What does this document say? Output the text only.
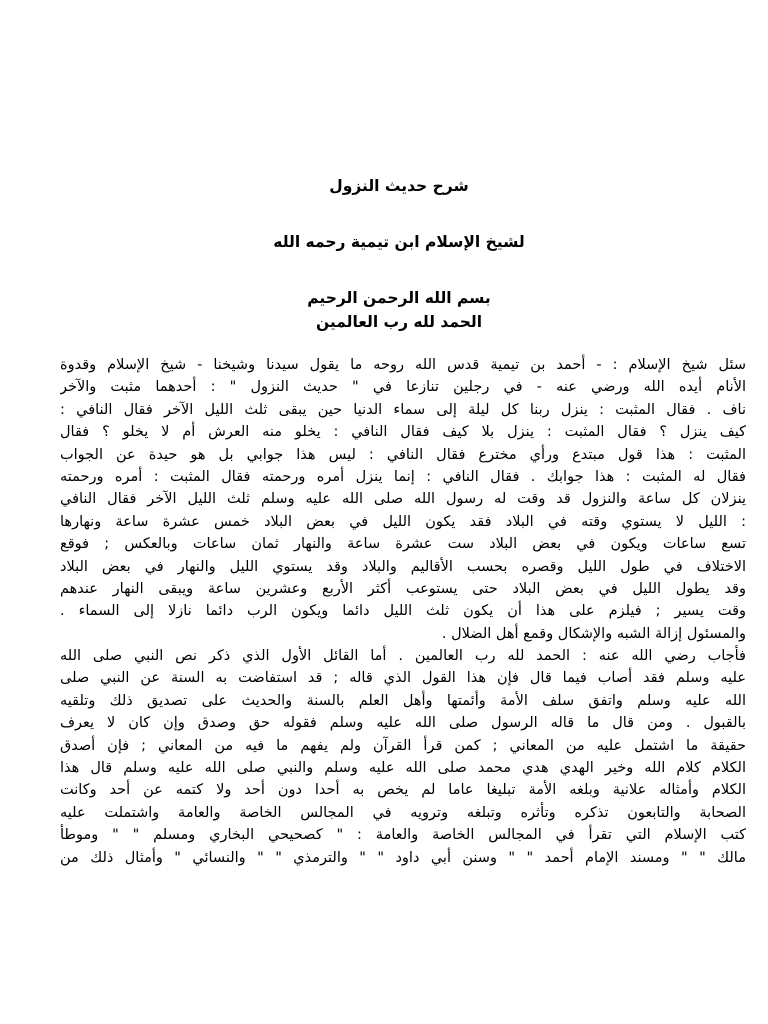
شرح حديث النزول
لشيخ الإسلام ابن تيمية رحمه الله

بسم الله الرحمن الرحيم

الحمد لله رب العالمين

سئل شيخ الإسلام : - أحمد بن تيمية قدس الله روحه ما يقول سيدنا وشيخنا - شيخ الإسلام وقدوة
الأنام أيده الله ورضي عنه - في رجلين تنازعا في " حديث النزول " : أحدهما مثبت والآخر
ناف . فقال المثبت : ينزل ربنا كل ليلة إلى سماء الدنيا حين يبقى ثلث الليل الآخر فقال النافي :
كيف ينزل ؟ فقال المثبت : ينزل بلا كيف فقال النافي : يخلو منه العرش أم لا يخلو ؟ فقال
المثبت : هذا قول مبتدع ورأي مخترع فقال النافي : ليس هذا جوابي بل هو حيدة عن الجواب
فقال له المثبت : هذا جوابك . فقال النافي : إنما ينزل أمره ورحمته فقال المثبت : أمره ورحمته
ينزلان كل ساعة والنزول قد وقت له رسول الله صلى الله عليه وسلم ثلث الليل الآخر فقال النافي
: الليل لا يستوي وقته في البلاد فقد يكون الليل في بعض البلاد خمس عشرة ساعة ونهارها
تسع ساعات ويكون في بعض البلاد ست عشرة ساعة والنهار ثمان ساعات وبالعكس ; فوقع
الاختلاف في طول الليل وقصره بحسب الأقاليم والبلاد وقد يستوي الليل والنهار في بعض البلاد
وقد يطول الليل في بعض البلاد حتى يستوعب أكثر الأربع وعشرين ساعة ويبقى النهار عندهم
وقت يسير ; فيلزم على هذا أن يكون ثلث الليل دائما ويكون الرب دائما نازلا إلى السماء .
والمسئول إزالة الشبه والإشكال وقمع أهل الضلال .
فأجاب رضي الله عنه : الحمد لله رب العالمين . أما القائل الأول الذي ذكر نص النبي صلى الله
عليه وسلم فقد أصاب فيما قال فإن هذا القول الذي قاله ; قد استفاضت به السنة عن النبي صلى
الله عليه وسلم واتفق سلف الأمة وأئمتها وأهل العلم بالسنة والحديث على تصديق ذلك وتلقيه
بالقبول . ومن قال ما قاله الرسول صلى الله عليه وسلم فقوله حق وصدق وإن كان لا يعرف
حقيقة ما اشتمل عليه من المعاني ; كمن قرأ القرآن ولم يفهم ما فيه من المعاني ; فإن أصدق
الكلام كلام الله وخير الهدي هدي محمد صلى الله عليه وسلم والنبي صلى الله عليه وسلم قال هذا
الكلام وأمثاله علانية وبلغه الأمة تبليغا عاما لم يخص به أحدا دون أحد ولا كتمه عن أحد وكانت
الصحابة والتابعون تذكره وتأثره وتبلغه وترويه في المجالس الخاصة والعامة واشتملت عليه
كتب الإسلام التي تقرأ في المجالس الخاصة والعامة : " كصحيحي البخاري ومسلم " " وموطأ
مالك " " ومسند الإمام أحمد " " وسنن أبي داود " " والترمذي " " والنسائي " وأمثال ذلك من
